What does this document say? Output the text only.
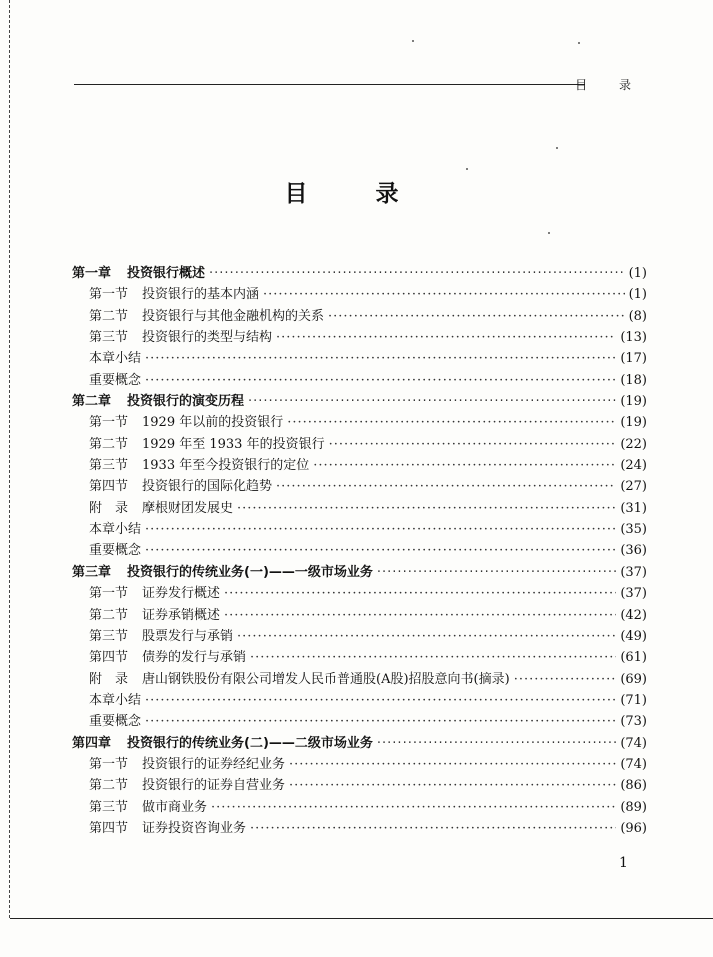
目 录
目 录
第一章 投资银行概述 ·····	(1)
第一节 投资银行的基本内涵 ·····	(1)
第二节 投资银行与其他金融机构的关系 ·····	(8)
第三节 投资银行的类型与结构 ·····	(13)
本章小结 ·····	(17)
重要概念 ·····	(18)
第二章 投资银行的演变历程 ·····	(19)
第一节 1929 年以前的投资银行 ·····	(19)
第二节 1929 年至 1933 年的投资银行 ·····	(22)
第三节 1933 年至今投资银行的定位 ·····	(24)
第四节 投资银行的国际化趋势 ·····	(27)
附　录 摩根财团发展史 ·····	(31)
本章小结 ·····	(35)
重要概念 ·····	(36)
第三章 投资银行的传统业务(一)——一级市场业务 ·····	(37)
第一节 证券发行概述 ·····	(37)
第二节 证券承销概述 ·····	(42)
第三节 股票发行与承销 ·····	(49)
第四节 债券的发行与承销 ·····	(61)
附　录 唐山钢铁股份有限公司增发人民币普通股(A股)招股意向书(摘录) ·····	(69)
本章小结 ·····	(71)
重要概念 ·····	(73)
第四章 投资银行的传统业务(二)——二级市场业务 ·····	(74)
第一节 投资银行的证券经纪业务 ·····	(74)
第二节 投资银行的证券自营业务 ·····	(86)
第三节 做市商业务 ·····	(89)
第四节 证券投资咨询业务 ·····	(96)
1
